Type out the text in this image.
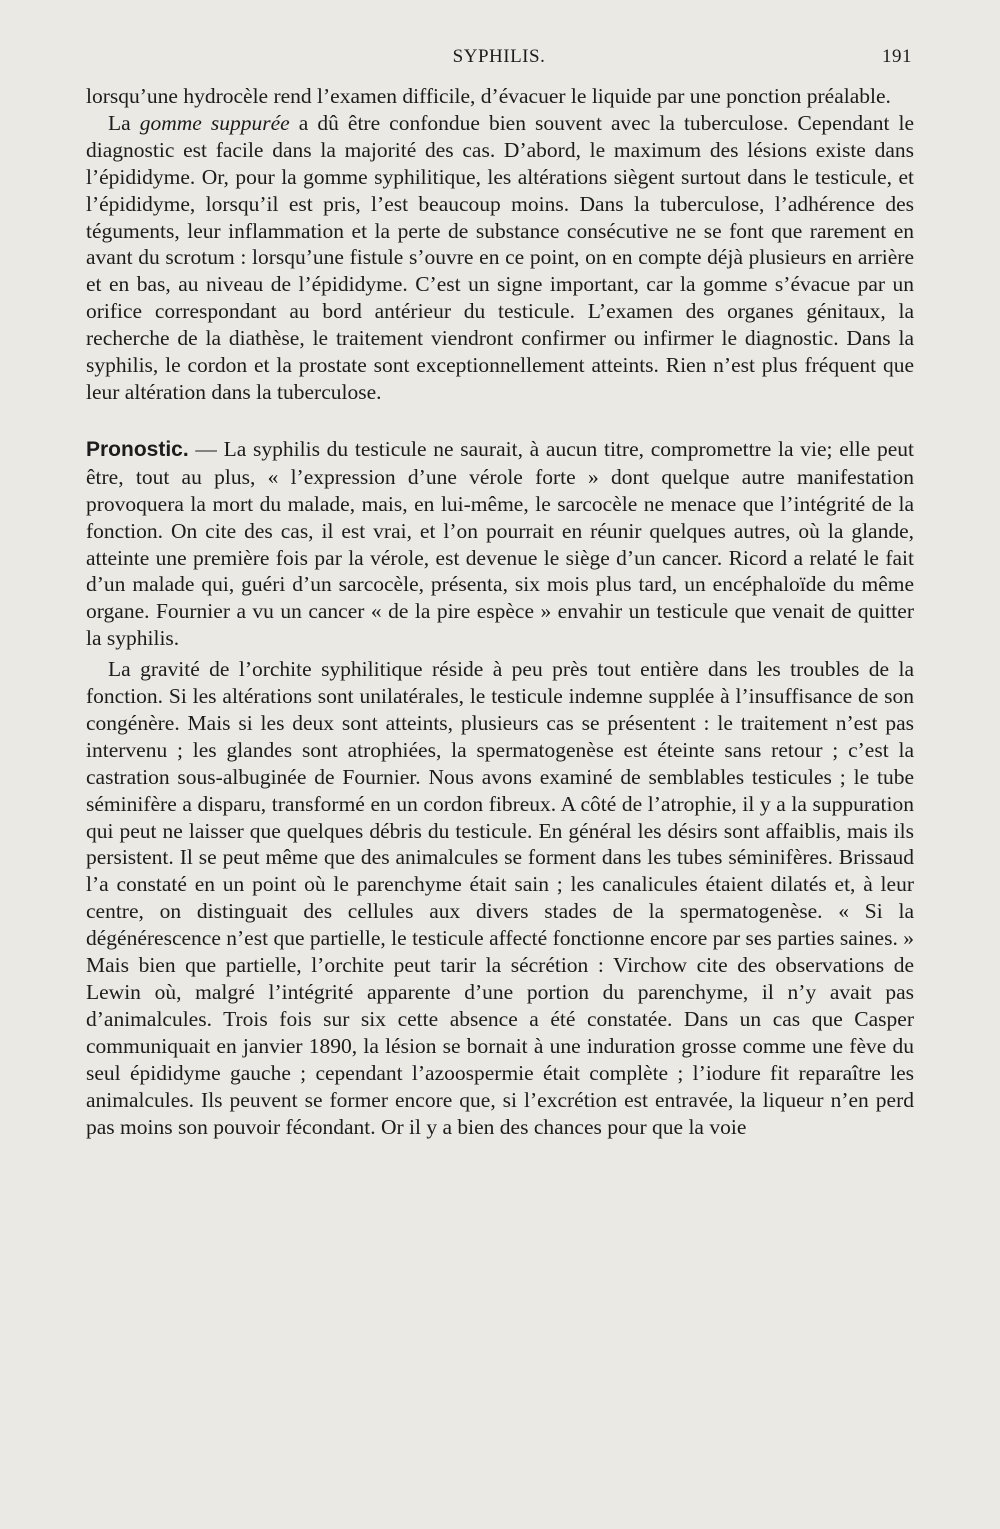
SYPHILIS.	191

lorsqu’une hydrocèle rend l’examen difficile, d’évacuer le liquide par une ponction préalable.

La gomme suppurée a dû être confondue bien souvent avec la tuberculose. Cependant le diagnostic est facile dans la majorité des cas. D’abord, le maximum des lésions existe dans l’épididyme. Or, pour la gomme syphilitique, les altérations siègent surtout dans le testicule, et l’épididyme, lorsqu’il est pris, l’est beaucoup moins. Dans la tuberculose, l’adhérence des téguments, leur inflammation et la perte de substance consécutive ne se font que rarement en avant du scrotum : lorsqu’une fistule s’ouvre en ce point, on en compte déjà plusieurs en arrière et en bas, au niveau de l’épididyme. C’est un signe important, car la gomme s’évacue par un orifice correspondant au bord antérieur du testicule. L’examen des organes génitaux, la recherche de la diathèse, le traitement viendront confirmer ou infirmer le diagnostic. Dans la syphilis, le cordon et la prostate sont exceptionnellement atteints. Rien n’est plus fréquent que leur altération dans la tuberculose.

Pronostic. — La syphilis du testicule ne saurait, à aucun titre, compromettre la vie; elle peut être, tout au plus, « l’expression d’une vérole forte » dont quelque autre manifestation provoquera la mort du malade, mais, en lui-même, le sarcocèle ne menace que l’intégrité de la fonction. On cite des cas, il est vrai, et l’on pourrait en réunir quelques autres, où la glande, atteinte une première fois par la vérole, est devenue le siège d’un cancer. Ricord a relaté le fait d’un malade qui, guéri d’un sarcocèle, présenta, six mois plus tard, un encéphaloïde du même organe. Fournier a vu un cancer « de la pire espèce » envahir un testicule que venait de quitter la syphilis.

La gravité de l’orchite syphilitique réside à peu près tout entière dans les troubles de la fonction. Si les altérations sont unilatérales, le testicule indemne supplée à l’insuffisance de son congénère. Mais si les deux sont atteints, plusieurs cas se présentent : le traitement n’est pas intervenu ; les glandes sont atrophiées, la spermatogenèse est éteinte sans retour ; c’est la castration sous-albuginée de Fournier. Nous avons examiné de semblables testicules ; le tube séminifère a disparu, transformé en un cordon fibreux. A côté de l’atrophie, il y a la suppuration qui peut ne laisser que quelques débris du testicule. En général les désirs sont affaiblis, mais ils persistent. Il se peut même que des animalcules se forment dans les tubes séminifères. Brissaud l’a constaté en un point où le parenchyme était sain ; les canalicules étaient dilatés et, à leur centre, on distinguait des cellules aux divers stades de la spermatogenèse. « Si la dégénérescence n’est que partielle, le testicule affecté fonctionne encore par ses parties saines. » Mais bien que partielle, l’orchite peut tarir la sécrétion : Virchow cite des observations de Lewin où, malgré l’intégrité apparente d’une portion du parenchyme, il n’y avait pas d’animalcules. Trois fois sur six cette absence a été constatée. Dans un cas que Casper communiquait en janvier 1890, la lésion se bornait à une induration grosse comme une fève du seul épididyme gauche ; cependant l’azoospermie était complète ; l’iodure fit reparaître les animalcules. Ils peuvent se former encore que, si l’excrétion est entravée, la liqueur n’en perd pas moins son pouvoir fécondant. Or il y a bien des chances pour que la voie
